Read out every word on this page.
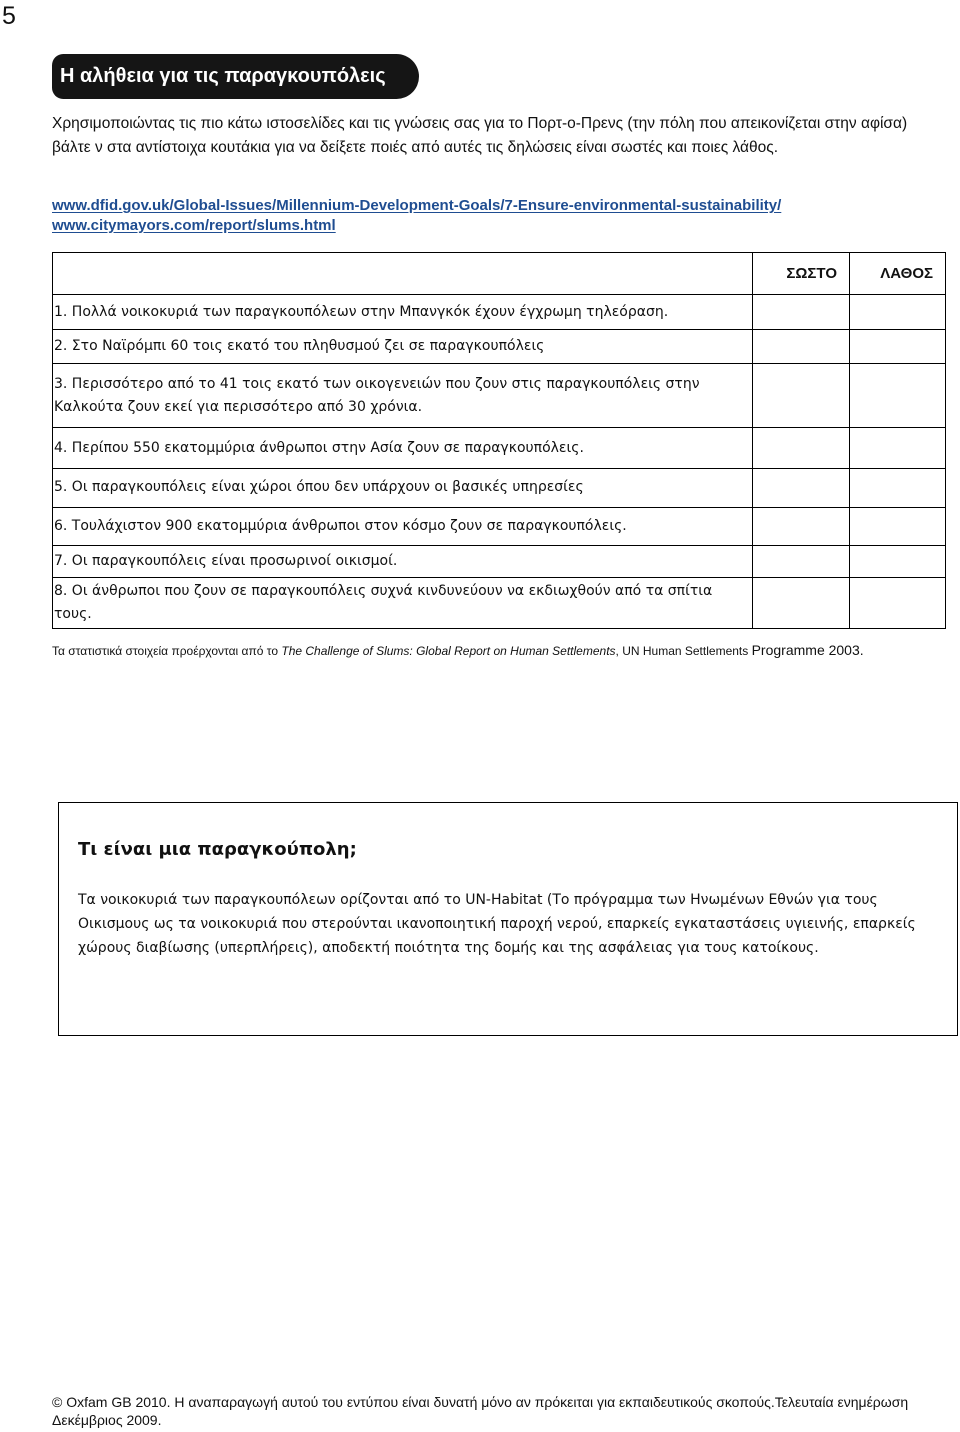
5
Η αλήθεια για τις παραγκουπόλεις
Χρησιμοποιώντας τις πιο κάτω ιστοσελίδες και τις γνώσεις σας για το Πορτ-ο-Πρενς (την πόλη που απεικονίζεται στην αφίσα) βάλτε ν στα αντίστοιχα κουτάκια για να δείξετε ποιές από αυτές τις δηλώσεις είναι σωστές και ποιες λάθος.
www.dfid.gov.uk/Global-Issues/Millennium-Development-Goals/7-Ensure-environmental-sustainability/
www.citymayors.com/report/slums.html
	ΣΩΣΤΟ	ΛΑΘΟΣ
1. Πολλά νοικοκυριά των παραγκουπόλεων στην Μπανγκόκ έχουν έγχρωμη τηλεόραση.		
2. Στο Ναϊρόμπι 60 τοις εκατό του πληθυσμού ζει σε παραγκουπόλεις		
3. Περισσότερο από το 41 τοις εκατό των οικογενειών που ζουν στις παραγκουπόλεις στην Καλκούτα ζουν εκεί για περισσότερο από 30 χρόνια.		
4. Περίπου 550 εκατομμύρια άνθρωποι στην Ασία ζουν σε παραγκουπόλεις.		
5. Οι παραγκουπόλεις είναι χώροι όπου δεν υπάρχουν οι βασικές υπηρεσίες		
6. Τουλάχιστον 900 εκατομμύρια άνθρωποι στον κόσμο ζουν σε παραγκουπόλεις.		
7. Οι παραγκουπόλεις είναι προσωρινοί οικισμοί.		
8. Οι άνθρωποι που ζουν σε παραγκουπόλεις συχνά κινδυνεύουν να εκδιωχθούν από τα σπίτια τους.		
Τα στατιστικά στοιχεία προέρχονται από το The Challenge of Slums: Global Report on Human Settlements, UN Human Settlements Programme 2003.
Τι είναι μια παραγκούπολη;
Τα νοικοκυριά των παραγκουπόλεων ορίζονται από το UN-Habitat (Το πρόγραμμα των Ηνωμένων Εθνών για τους Οικισμους ως τα νοικοκυριά που στερούνται ικανοποιητική παροχή νερού, επαρκείς εγκαταστάσεις υγιεινής, επαρκείς χώρους διαβίωσης (υπερπλήρεις), αποδεκτή ποιότητα της δομής και της ασφάλειας για τους κατοίκους.
© Oxfam GB 2010. Η αναπαραγωγή αυτού του εντύπου είναι δυνατή μόνο αν πρόκειται για εκπαιδευτικούς σκοπούς.Τελευταία ενημέρωση Δεκέμβριος 2009.
